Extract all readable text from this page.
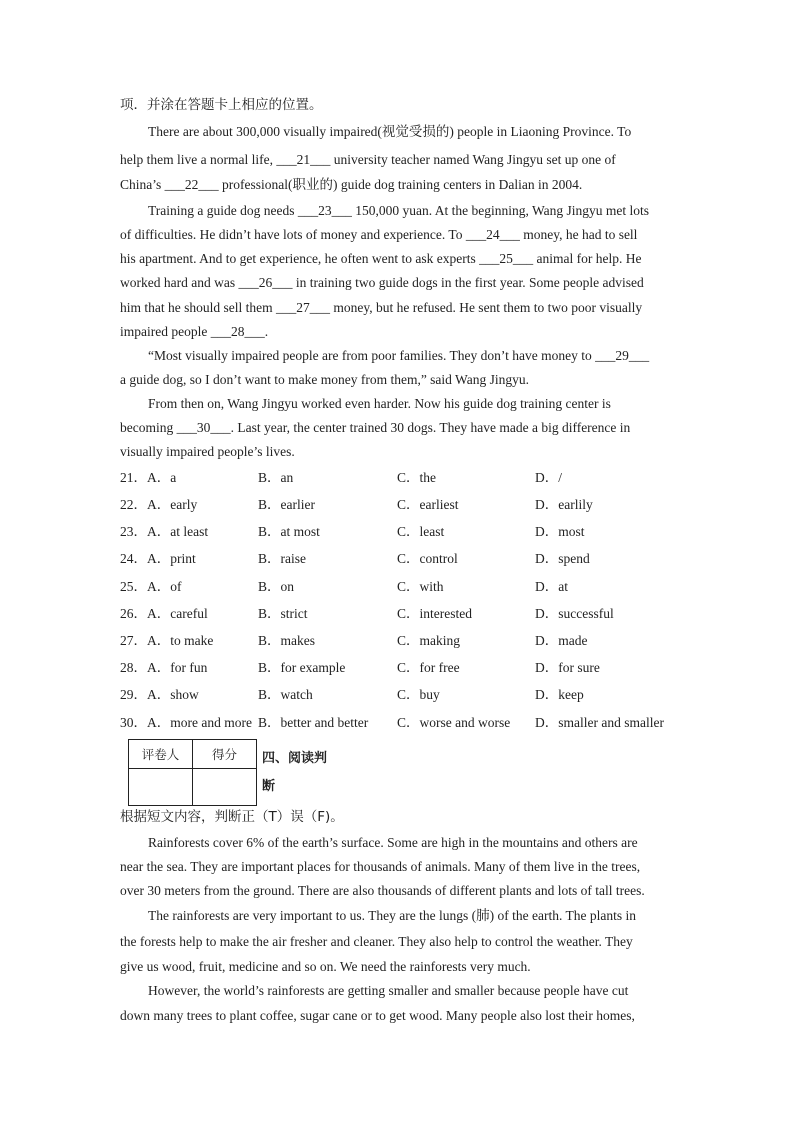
项．并涂在答题卡上相应的位置。
There are about 300,000 visually impaired(视觉受损的) people in Liaoning Province. To
help them live a normal life, ___21___ university teacher named Wang Jingyu set up one of
China’s ___22___ professional(职业的) guide dog training centers in Dalian in 2004.
Training a guide dog needs ___23___ 150,000 yuan. At the beginning, Wang Jingyu met lots
of difficulties. He didn’t have lots of money and experience. To ___24___ money, he had to sell
his apartment. And to get experience, he often went to ask experts ___25___ animal for help. He
worked hard and was ___26___ in training two guide dogs in the first year. Some people advised
him that he should sell them ___27___ money, but he refused. He sent them to two poor visually
impaired people ___28___.
“Most visually impaired people are from poor families. They don’t have money to ___29___
a guide dog, so I don’t want to make money from them,” said Wang Jingyu.
From then on, Wang Jingyu worked even harder. Now his guide dog training center is
becoming ___30___. Last year, the center trained 30 dogs. They have made a big difference in
visually impaired people’s lives.
21． A．a	B．an	C．the	D．/
22． A．early	B．earlier	C．earliest	D．earlily
23． A．at least	B．at most	C．least	D．most
24． A．print	B．raise	C．control	D．spend
25． A．of	B．on	C．with	D．at
26． A．careful	B．strict	C．interested	D．successful
27． A．to make	B．makes	C．making	D．made
28． A．for fun	B．for example	C．for free	D．for sure
29． A．show	B．watch	C．buy	D．keep
30． A．more and more B．better and better C．worse and worse D．smaller and smaller
评卷人	得分
	四、阅读判
断
根据短文内容，判断正（T）误（F)。
Rainforests cover 6% of the earth’s surface. Some are high in the mountains and others are
near the sea. They are important places for thousands of animals. Many of them live in the trees,
over 30 meters from the ground. There are also thousands of different plants and lots of tall trees.
The rainforests are very important to us. They are the lungs (肺) of the earth. The plants in
the forests help to make the air fresher and cleaner. They also help to control the weather. They
give us wood, fruit, medicine and so on. We need the rainforests very much.
However, the world’s rainforests are getting smaller and smaller because people have cut
down many trees to plant coffee, sugar cane or to get wood. Many people also lost their homes,
